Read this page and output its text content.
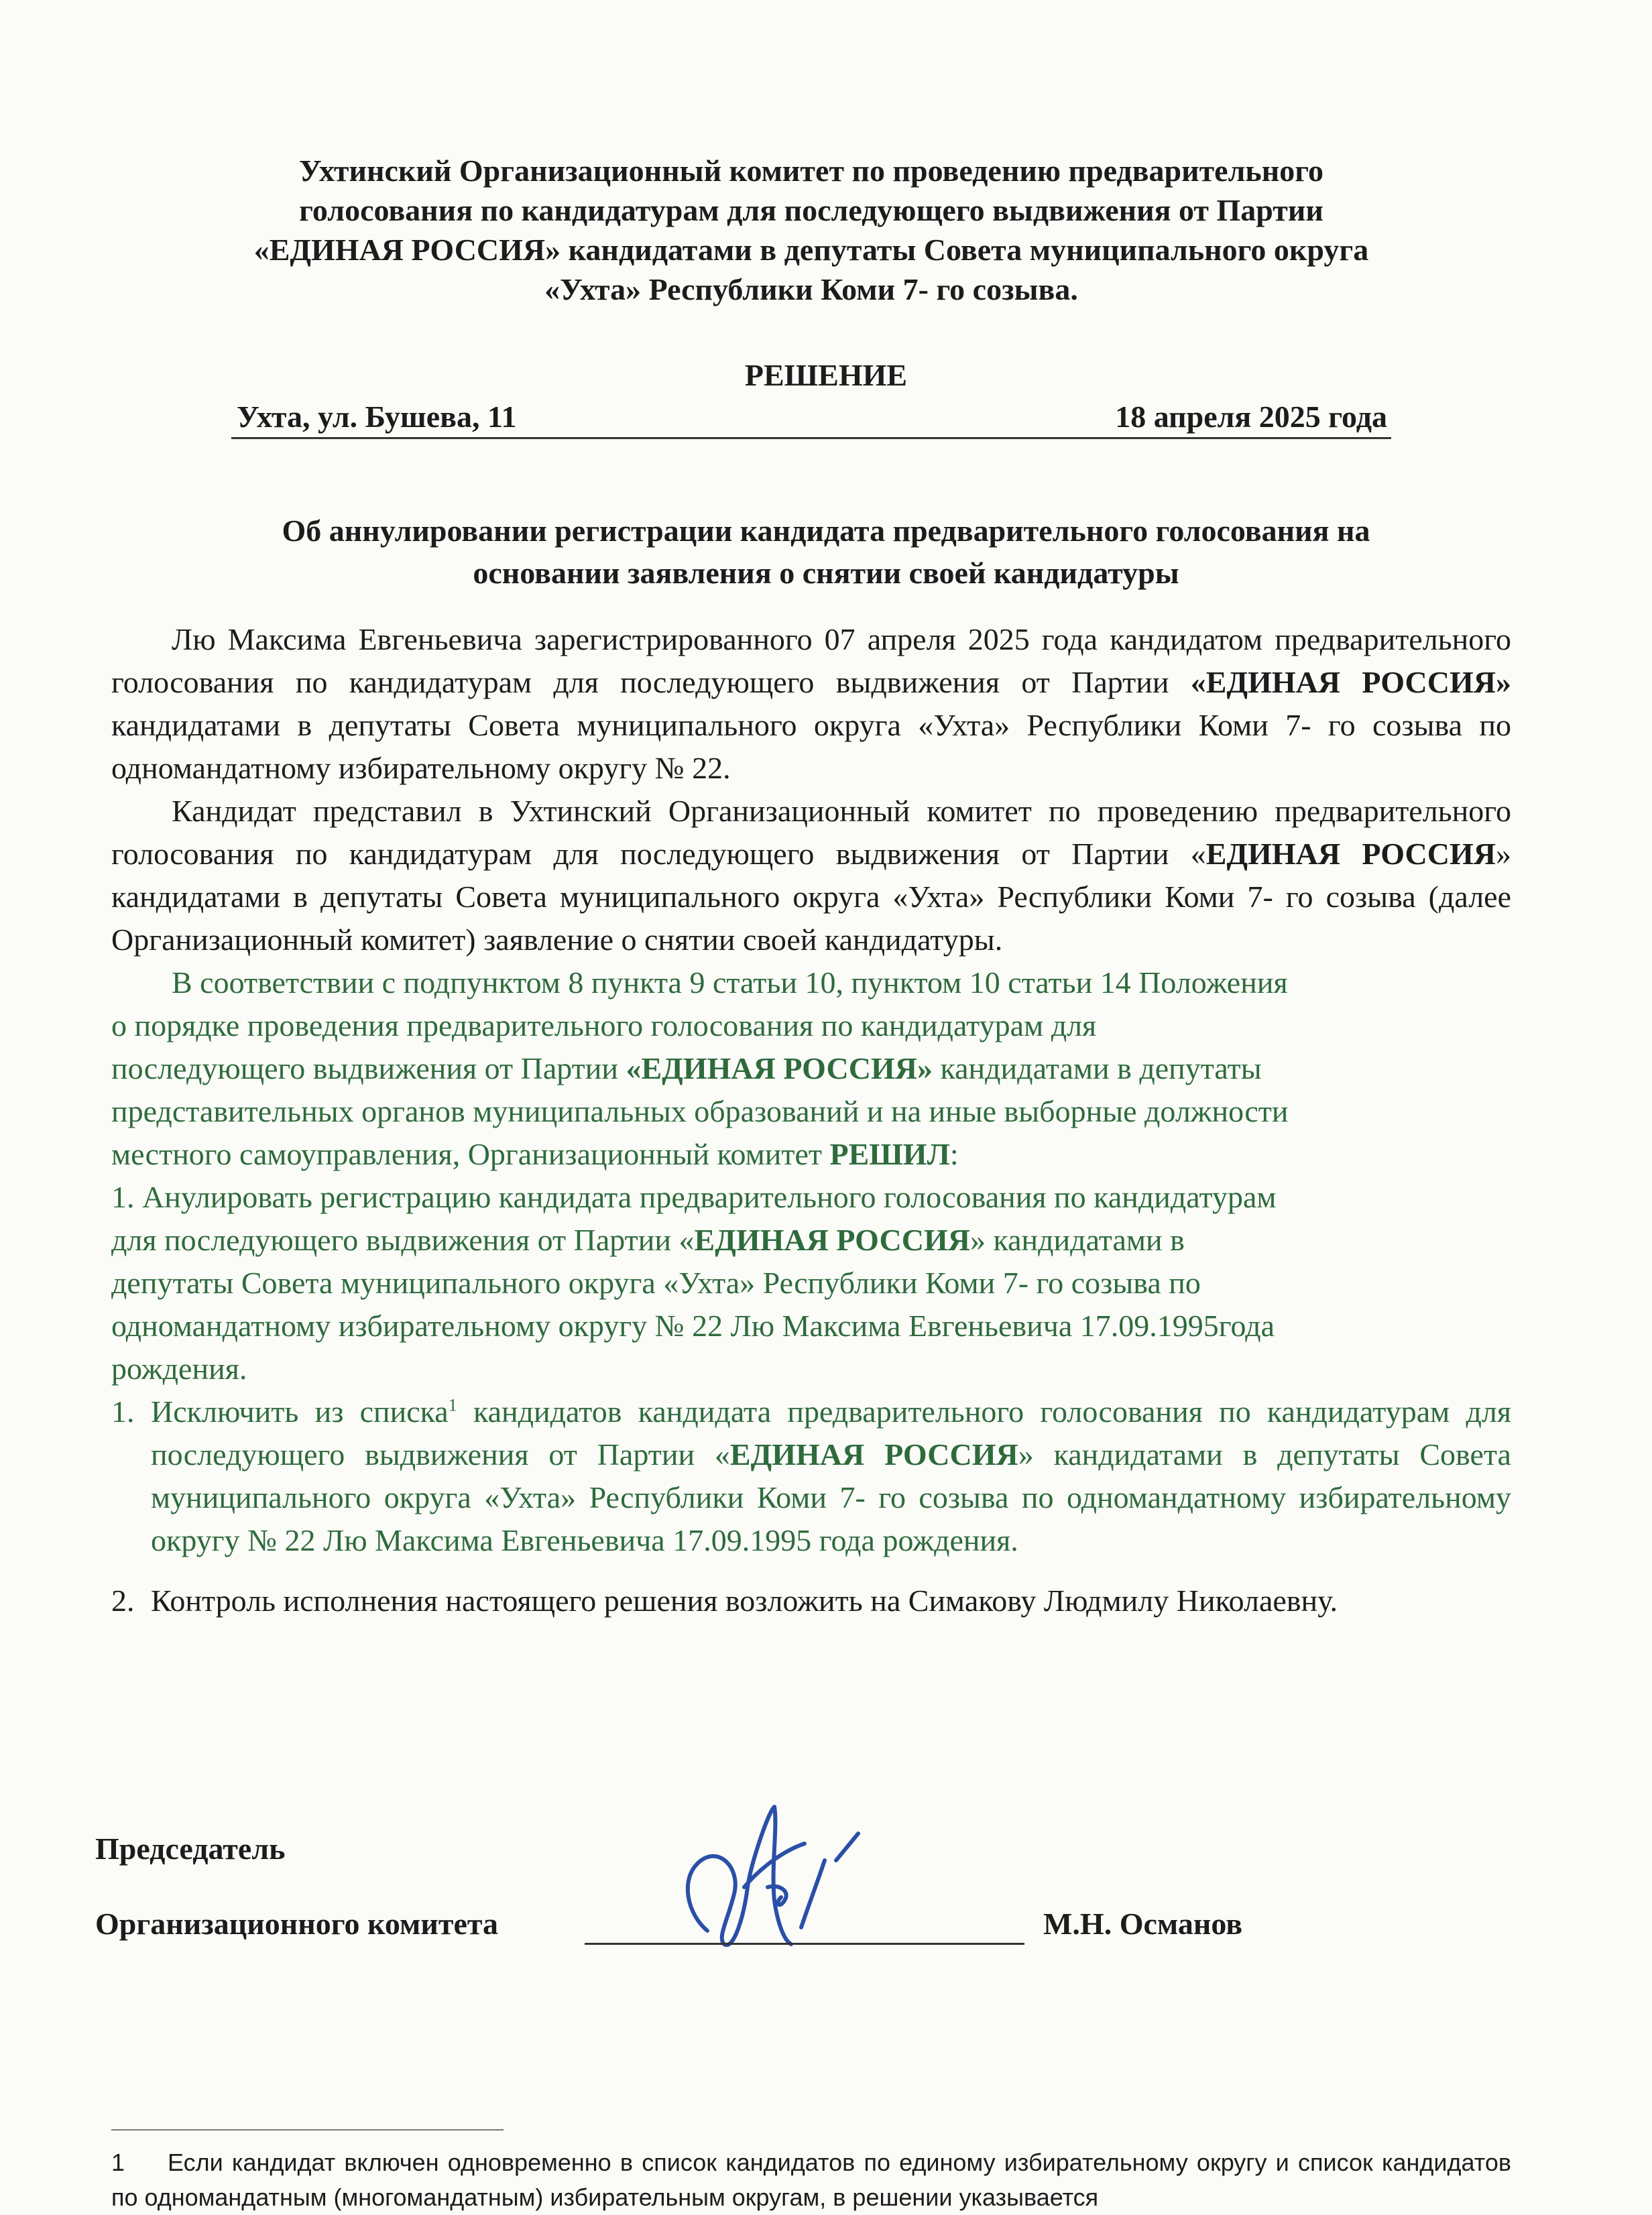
Ухтинский Организационный комитет по проведению предварительного
голосования по кандидатурам для последующего выдвижения от Партии
«ЕДИНАЯ РОССИЯ» кандидатами в депутаты Совета муниципального округа
«Ухта» Республики Коми 7- го созыва.
РЕШЕНИЕ
Ухта, ул. Бушева, 11	18 апреля 2025 года
Об аннулировании регистрации кандидата предварительного голосования на
основании заявления о снятии своей кандидатуры

Лю Максима Евгеньевича зарегистрированного 07 апреля 2025 года кандидатом предварительного голосования по кандидатурам для последующего выдвижения от Партии «ЕДИНАЯ РОССИЯ» кандидатами в депутаты Совета муниципального округа «Ухта» Республики Коми 7- го созыва по одномандатному избирательному округу № 22.

Кандидат представил в Ухтинский Организационный комитет по проведению предварительного голосования по кандидатурам для последующего выдвижения от Партии «ЕДИНАЯ РОССИЯ» кандидатами в депутаты Совета муниципального округа «Ухта» Республики Коми 7- го созыва (далее Организационный комитет) заявление о снятии своей кандидатуры.

В соответствии с подпунктом 8 пункта 9 статьи 10, пунктом 10 статьи 14 Положения

о порядке проведения предварительного голосования по кандидатурам для

последующего выдвижения от Партии «ЕДИНАЯ РОССИЯ» кандидатами в депутаты

представительных органов муниципальных образований и на иные выборные должности

местного самоуправления, Организационный комитет РЕШИЛ:

1. Анулировать регистрацию кандидата предварительного голосования по кандидатурам

для последующего выдвижения от Партии «ЕДИНАЯ РОССИЯ» кандидатами в

депутаты Совета муниципального округа «Ухта» Республики Коми 7- го созыва по

одномандатному избирательному округу № 22 Лю Максима Евгеньевича 17.09.1995года

рождения.

1. Исключить из списка$^1$ кандидатов кандидата предварительного голосования по кандидатурам для последующего выдвижения от Партии «ЕДИНАЯ РОССИЯ» кандидатами в депутаты Совета муниципального округа «Ухта» Республики Коми 7- го созыва по одномандатному избирательному округу № 22 Лю Максима Евгеньевича 17.09.1995 года рождения.
2. Контроль исполнения настоящего решения возложить на Симакову Людмилу Николаевну.
Председатель
Организационного комитета	М.Н. Османов
1 Если кандидат включен одновременно в список кандидатов по единому избирательному округу и список кандидатов по одномандатным (многомандатным) избирательным округам, в решении указывается
